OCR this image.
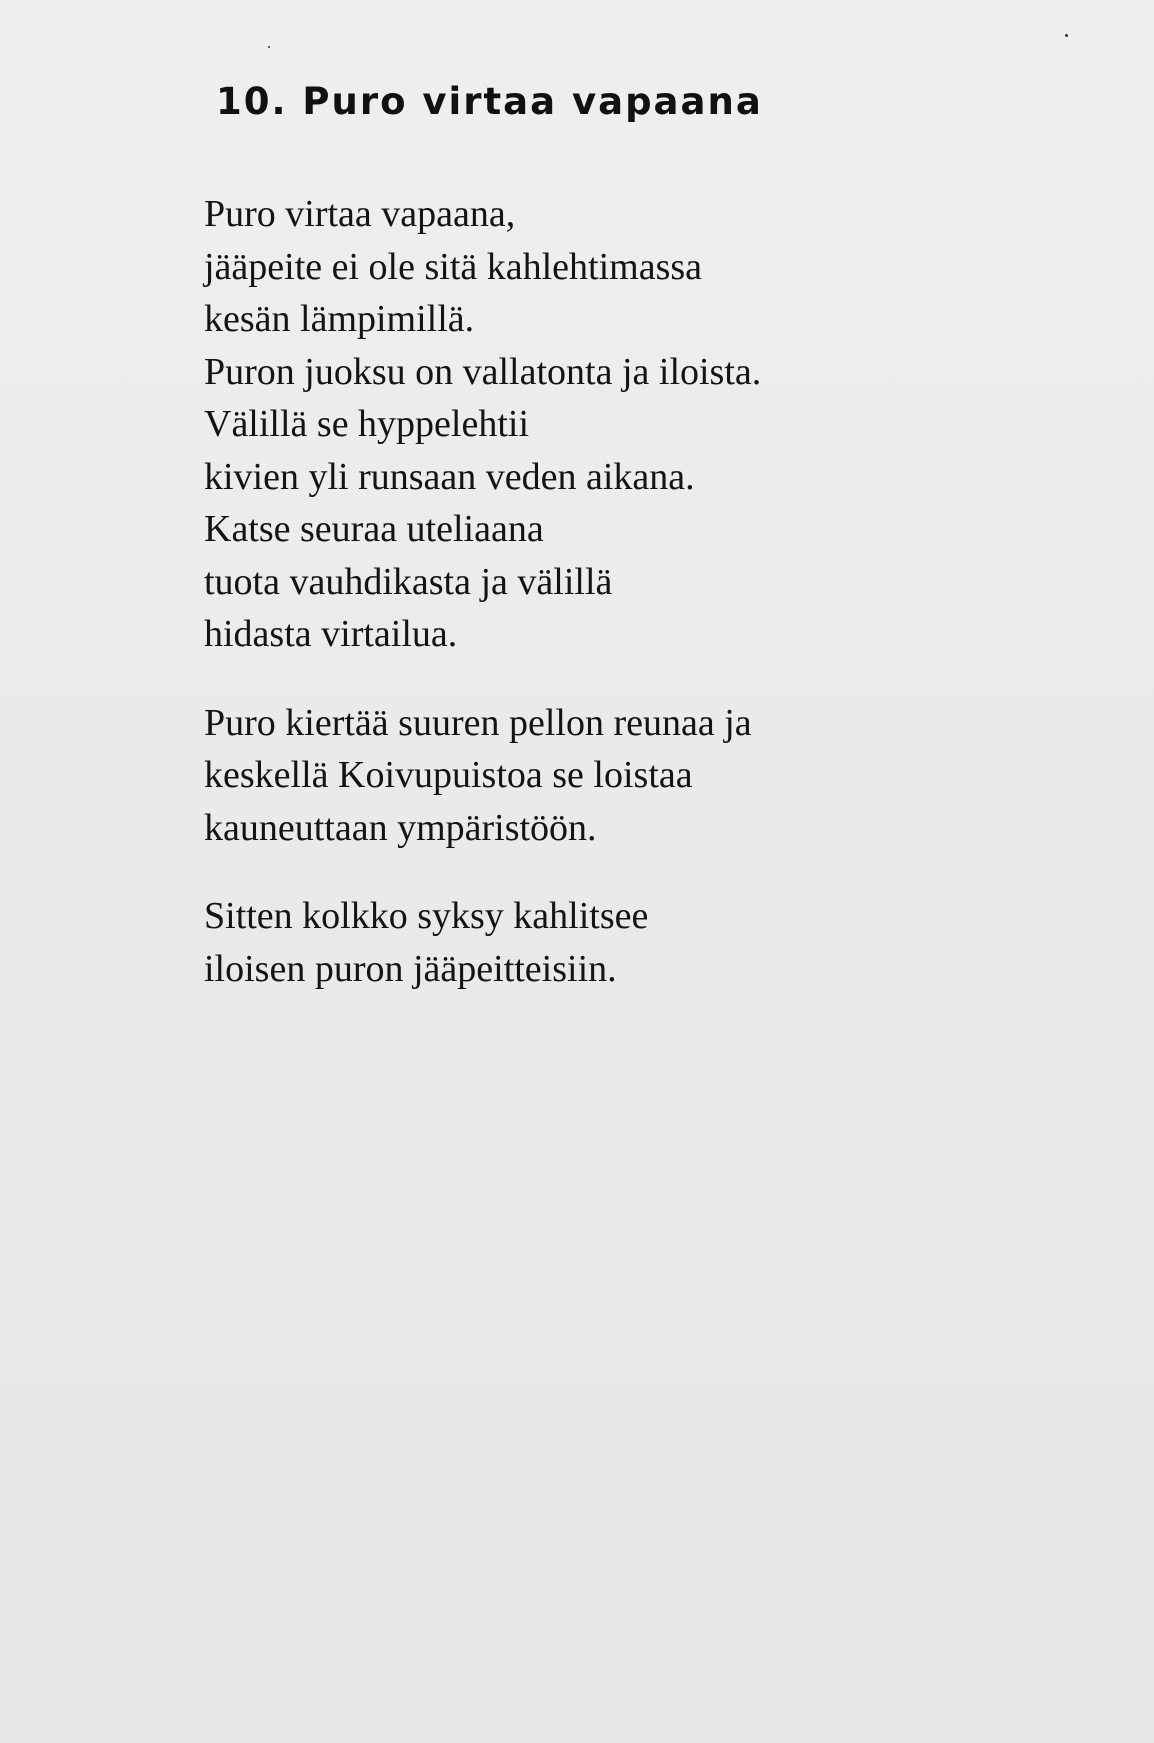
10. Puro virtaa vapaana
Puro virtaa vapaana,
jääpeite ei ole sitä kahlehtimassa
kesän lämpimillä.
Puron juoksu on vallatonta ja iloista.
Välillä se hyppelehtii
kivien yli runsaan veden aikana.
Katse seuraa uteliaana
tuota vauhdikasta ja välillä
hidasta virtailua.
Puro kiertää suuren pellon reunaa ja
keskellä Koivupuistoa se loistaa
kauneuttaan ympäristöön.
Sitten kolkko syksy kahlitsee
iloisen puron jääpeitteisiin.
